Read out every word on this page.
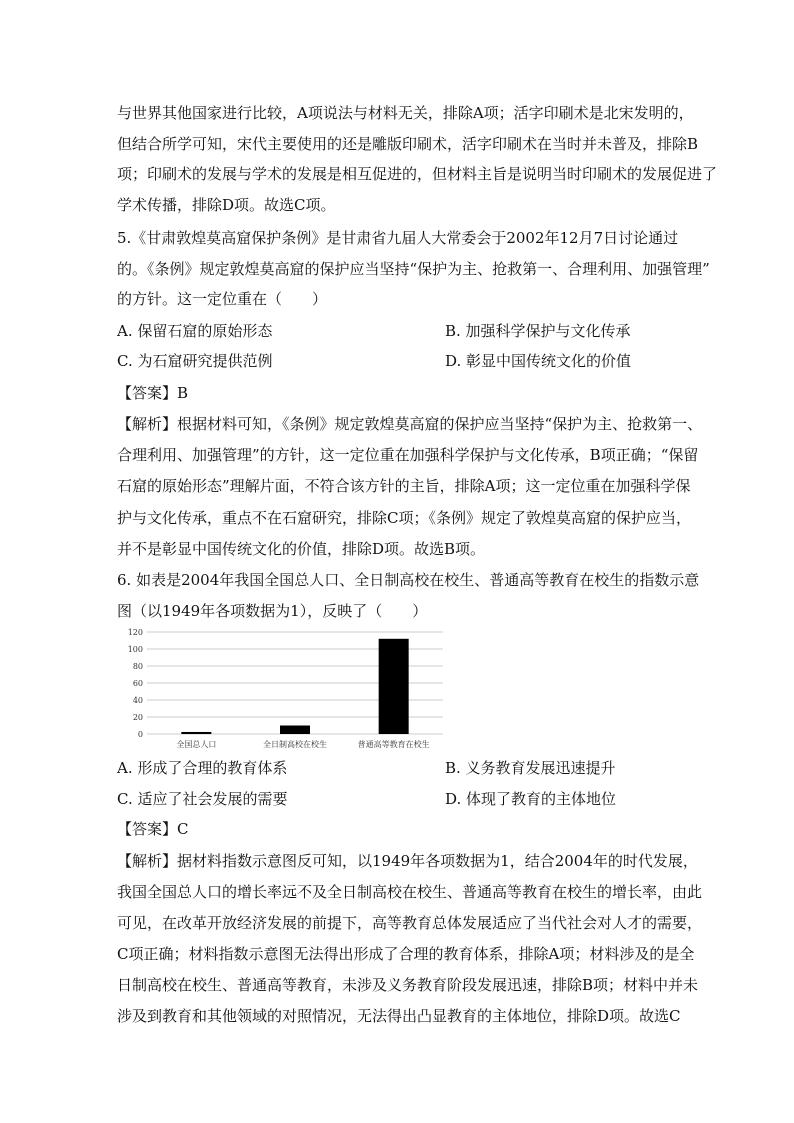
与世界其他国家进行比较，A项说法与材料无关，排除A项；活字印刷术是北宋发明的，
但结合所学可知，宋代主要使用的还是雕版印刷术，活字印刷术在当时并未普及，排除B
项；印刷术的发展与学术的发展是相互促进的，但材料主旨是说明当时印刷术的发展促进了
学术传播，排除D项。故选C项。
5.《甘肃敦煌莫高窟保护条例》是甘肃省九届人大常委会于2002年12月7日讨论通过
的。《条例》规定敦煌莫高窟的保护应当坚持“保护为主、抢救第一、合理利用、加强管理”
的方针。这一定位重在（　　）
A. 保留石窟的原始形态	B. 加强科学保护与文化传承
C. 为石窟研究提供范例	D. 彰显中国传统文化的价值
【答案】B
【解析】根据材料可知，《条例》规定敦煌莫高窟的保护应当坚持“保护为主、抢救第一、
合理利用、加强管理”的方针，这一定位重在加强科学保护与文化传承，B项正确；“保留
石窟的原始形态”理解片面，不符合该方针的主旨，排除A项；这一定位重在加强科学保
护与文化传承，重点不在石窟研究，排除C项；《条例》规定了敦煌莫高窟的保护应当，
并不是彰显中国传统文化的价值，排除D项。故选B项。
6. 如表是2004年我国全国总人口、全日制高校在校生、普通高等教育在校生的指数示意
图（以1949年各项数据为1），反映了（　　）
0
20
40
60
80
100
120
全国总人口	全日制高校在校生	普通高等教育在校生
A. 形成了合理的教育体系	B. 义务教育发展迅速提升
C. 适应了社会发展的需要	D. 体现了教育的主体地位
【答案】C
【解析】据材料指数示意图反可知，以1949年各项数据为1，结合2004年的时代发展，
我国全国总人口的增长率远不及全日制高校在校生、普通高等教育在校生的增长率，由此
可见，在改革开放经济发展的前提下，高等教育总体发展适应了当代社会对人才的需要，
C项正确；材料指数示意图无法得出形成了合理的教育体系，排除A项；材料涉及的是全
日制高校在校生、普通高等教育，未涉及义务教育阶段发展迅速，排除B项；材料中并未
涉及到教育和其他领域的对照情况，无法得出凸显教育的主体地位，排除D项。故选C
